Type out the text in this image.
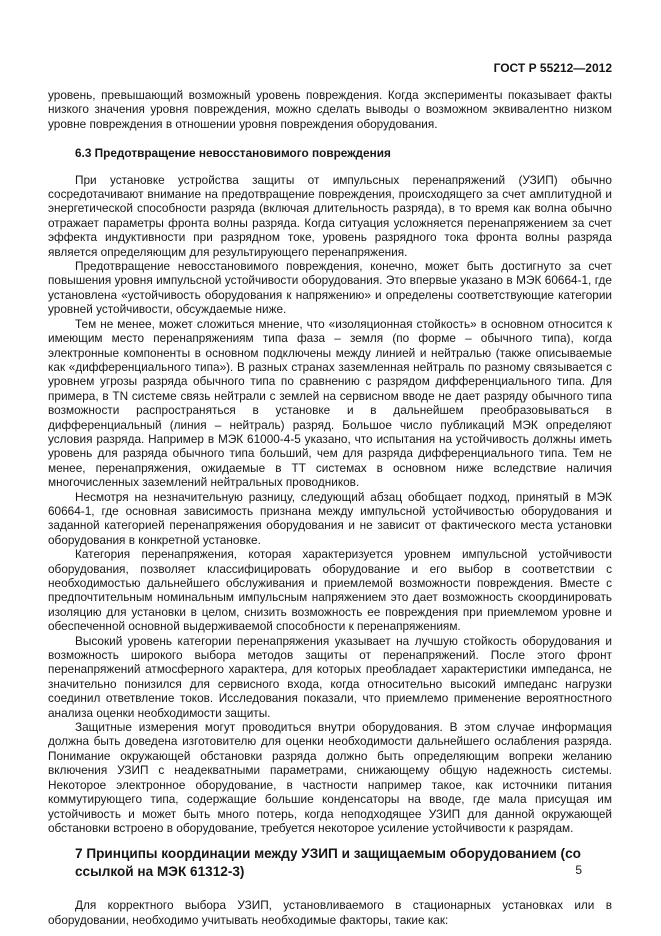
ГОСТ Р 55212—2012

уровень, превышающий возможный уровень повреждения. Когда эксперименты показывает факты низкого значения уровня повреждения, можно сделать выводы о возможном эквивалентно низком уровне повреждения в отношении уровня повреждения оборудования.

6.3 Предотвращение невосстановимого повреждения

При установке устройства защиты от импульсных перенапряжений (УЗИП) обычно сосредотачивают внимание на предотвращение повреждения, происходящего за счет амплитудной и энергетической способности разряда (включая длительность разряда), в то время как волна обычно отражает параметры фронта волны разряда. Когда ситуация усложняется перенапряжением за счет эффекта индуктивности при разрядном токе, уровень разрядного тока фронта волны разряда является определяющим для результирующего перенапряжения.

Предотвращение невосстановимого повреждения, конечно, может быть достигнуто за счет повышения уровня импульсной устойчивости оборудования. Это впервые указано в МЭК 60664-1, где установлена «устойчивость оборудования к напряжению» и определены соответствующие категории уровней устойчивости, обсуждаемые ниже.

Тем не менее, может сложиться мнение, что «изоляционная стойкость» в основном относится к имеющим место перенапряжениям типа фаза – земля (по форме – обычного типа), когда электронные компоненты в основном подключены между линией и нейтралью (также описываемые как «дифференциального типа»). В разных странах заземленная нейтраль по разному связывается с уровнем угрозы разряда обычного типа по сравнению с разрядом дифференциального типа. Для примера, в TN системе связь нейтрали с землей на сервисном вводе не дает разряду обычного типа возможности распространяться в установке и в дальнейшем преобразовываться в дифференциальный (линия – нейтраль) разряд. Большое число публикаций МЭК определяют условия разряда. Например в МЭК 61000-4-5 указано, что испытания на устойчивость должны иметь уровень для разряда обычного типа больший, чем для разряда дифференциального типа. Тем не менее, перенапряжения, ожидаемые в ТТ системах в основном ниже вследствие наличия многочисленных заземлений нейтральных проводников.

Несмотря на незначительную разницу, следующий абзац обобщает подход, принятый в МЭК 60664-1, где основная зависимость признана между импульсной устойчивостью оборудования и заданной категорией перенапряжения оборудования и не зависит от фактического места установки оборудования в конкретной установке.

Категория перенапряжения, которая характеризуется уровнем импульсной устойчивости оборудования, позволяет классифицировать оборудование и его выбор в соответствии с необходимостью дальнейшего обслуживания и приемлемой возможности повреждения. Вместе с предпочтительным номинальным импульсным напряжением это дает возможность скоординировать изоляцию для установки в целом, снизить возможность ее повреждения при приемлемом уровне и обеспеченной основной выдерживаемой способности к перенапряжениям.

Высокий уровень категории перенапряжения указывает на лучшую стойкость оборудования и возможность широкого выбора методов защиты от перенапряжений. После этого фронт перенапряжений атмосферного характера, для которых преобладает характеристики импеданса, не значительно понизился для сервисного входа, когда относительно высокий импеданс нагрузки соединил ответвление токов. Исследования показали, что приемлемо применение вероятностного анализа оценки необходимости защиты.

Защитные измерения могут проводиться внутри оборудования. В этом случае информация должна быть доведена изготовителю для оценки необходимости дальнейшего ослабления разряда. Понимание окружающей обстановки разряда должно быть определяющим вопреки желанию включения УЗИП с неадекватными параметрами, снижающему общую надежность системы. Некоторое электронное оборудование, в частности например такое, как источники питания коммутирующего типа, содержащие большие конденсаторы на вводе, где мала присущая им устойчивость и может быть много потерь, когда неподходящее УЗИП для данной окружающей обстановки встроено в оборудование, требуется некоторое усиление устойчивости к разрядам.

7 Принципы координации между УЗИП и защищаемым оборудованием (со ссылкой на МЭК 61312-3)

Для корректного выбора УЗИП, установливаемого в стационарных установках или в оборудовании, необходимо учитывать необходимые факторы, такие как:

5
